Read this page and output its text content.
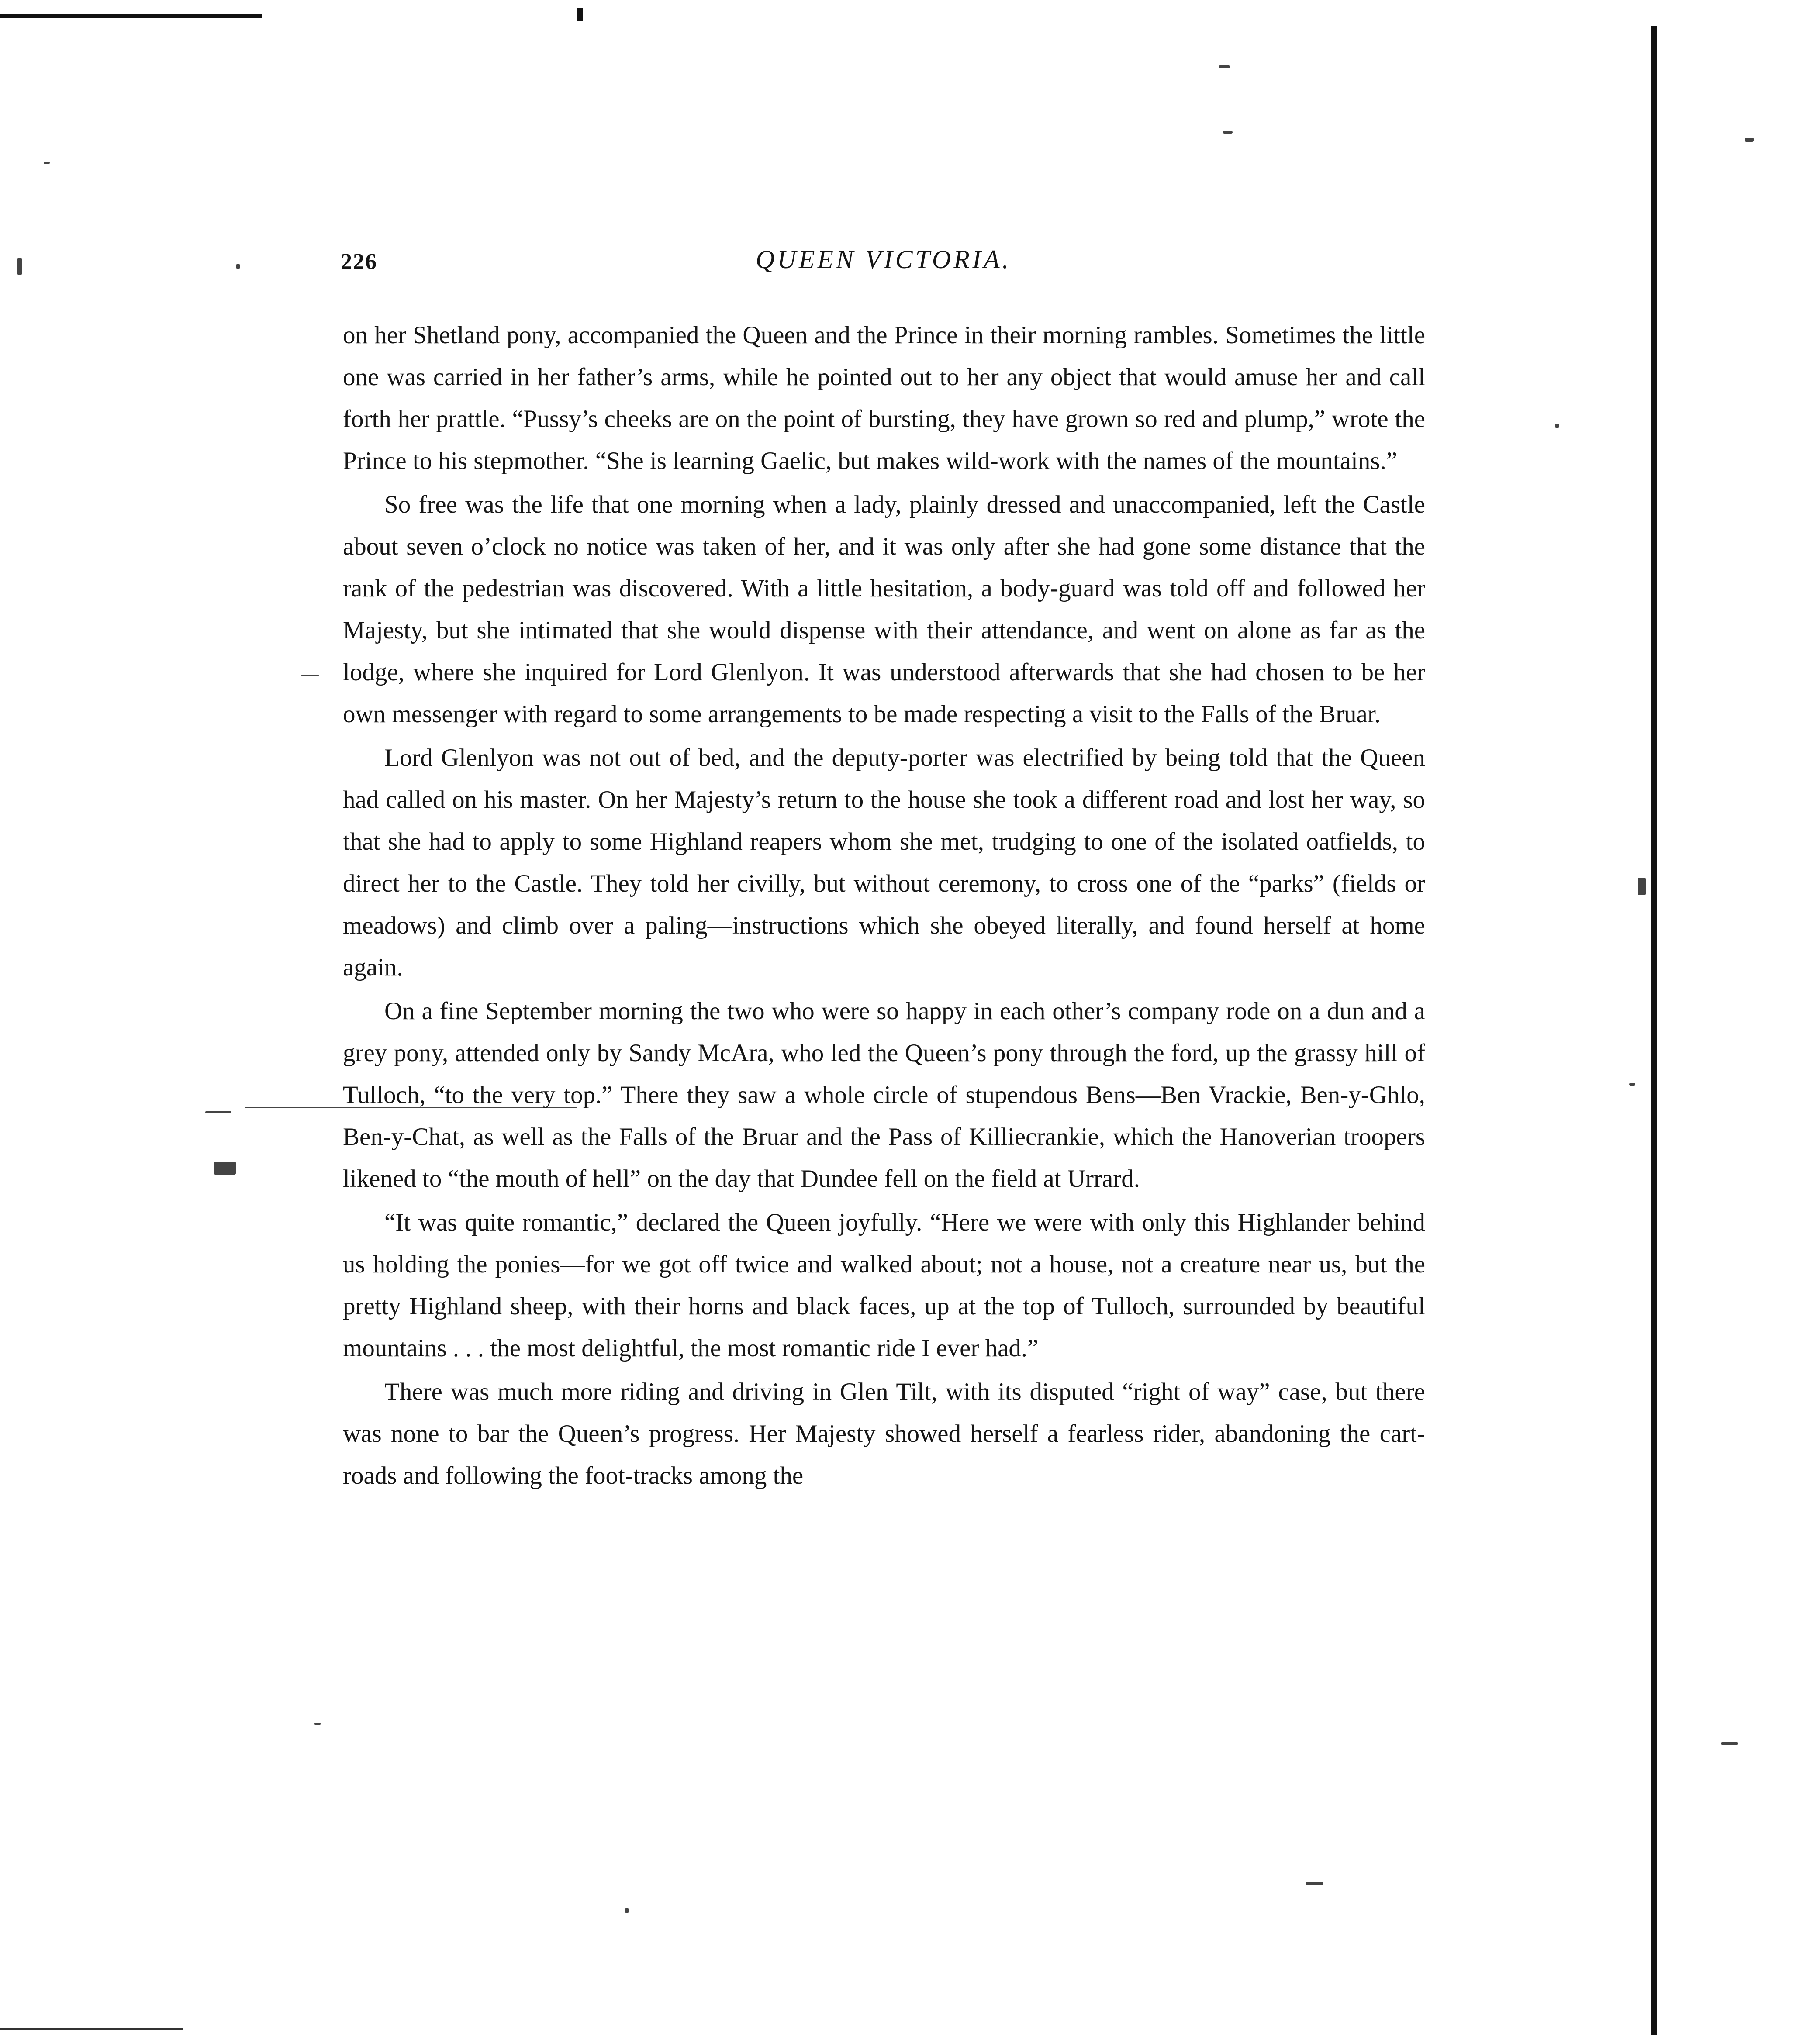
226	QUEEN VICTORIA.

on her Shetland pony, accompanied the Queen and the Prince in their morning rambles. Sometimes the little one was carried in her father’s arms, while he pointed out to her any object that would amuse her and call forth her prattle. “Pussy’s cheeks are on the point of bursting, they have grown so red and plump,” wrote the Prince to his stepmother. “She is learning Gaelic, but makes wild-work with the names of the mountains.”

So free was the life that one morning when a lady, plainly dressed and unaccompanied, left the Castle about seven o’clock no notice was taken of her, and it was only after she had gone some distance that the rank of the pedestrian was discovered. With a little hesitation, a body-guard was told off and followed her Majesty, but she intimated that she would dispense with their attendance, and went on alone as far as the lodge, where she inquired for Lord Glenlyon. It was understood afterwards that she had chosen to be her own messenger with regard to some arrangements to be made respecting a visit to the Falls of the Bruar.

Lord Glenlyon was not out of bed, and the deputy-porter was electrified by being told that the Queen had called on his master. On her Majesty’s return to the house she took a different road and lost her way, so that she had to apply to some Highland reapers whom she met, trudging to one of the isolated oatfields, to direct her to the Castle. They told her civilly, but without ceremony, to cross one of the “parks” (fields or meadows) and climb over a paling—instructions which she obeyed literally, and found herself at home again.

On a fine September morning the two who were so happy in each other’s company rode on a dun and a grey pony, attended only by Sandy McAra, who led the Queen’s pony through the ford, up the grassy hill of Tulloch, “to the very top.” There they saw a whole circle of stupendous Bens—Ben Vrackie, Ben-y-Ghlo, Ben-y-Chat, as well as the Falls of the Bruar and the Pass of Killiecrankie, which the Hanoverian troopers likened to “the mouth of hell” on the day that Dundee fell on the field at Urrard.

“It was quite romantic,” declared the Queen joyfully. “Here we were with only this Highlander behind us holding the ponies—for we got off twice and walked about; not a house, not a creature near us, but the pretty Highland sheep, with their horns and black faces, up at the top of Tulloch, surrounded by beautiful mountains . . . the most delightful, the most romantic ride I ever had.”

There was much more riding and driving in Glen Tilt, with its disputed “right of way” case, but there was none to bar the Queen’s progress. Her Majesty showed herself a fearless rider, abandoning the cart-roads and following the foot-tracks among the
